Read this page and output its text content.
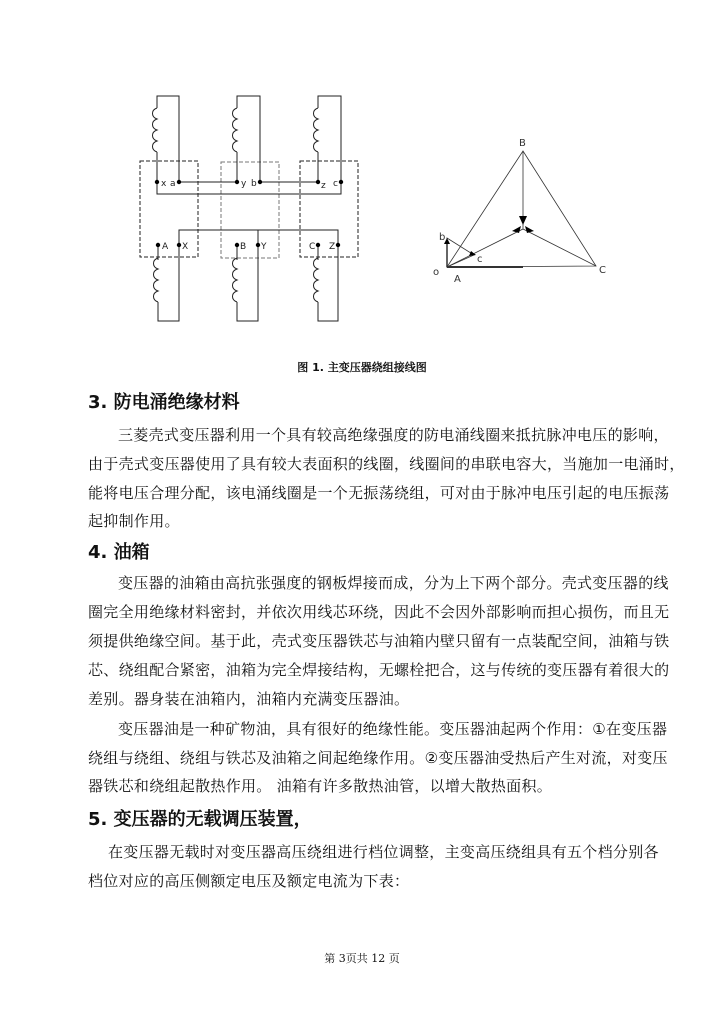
x a	y b	z c
A X	B Y	C Z
B
C
o
A
b
c
图 1. 主变压器绕组接线图
3. 防电涌绝缘材料
三菱壳式变压器利用一个具有较高绝缘强度的防电涌线圈来抵抗脉冲电压的影响，
由于壳式变压器使用了具有较大表面积的线圈，线圈间的串联电容大，当施加一电涌时，
能将电压合理分配，该电涌线圈是一个无振荡绕组，可对由于脉冲电压引起的电压振荡
起抑制作用。
4. 油箱
变压器的油箱由高抗张强度的钢板焊接而成，分为上下两个部分。壳式变压器的线
圈完全用绝缘材料密封，并依次用线芯环绕，因此不会因外部影响而担心损伤，而且无
须提供绝缘空间。基于此，壳式变压器铁芯与油箱内壁只留有一点装配空间，油箱与铁
芯、绕组配合紧密，油箱为完全焊接结构，无螺栓把合，这与传统的变压器有着很大的
差别。器身装在油箱内，油箱内充满变压器油。
变压器油是一种矿物油，具有很好的绝缘性能。变压器油起两个作用：①在变压器
绕组与绕组、绕组与铁芯及油箱之间起绝缘作用。②变压器油受热后产生对流，对变压
器铁芯和绕组起散热作用。 油箱有许多散热油管，以增大散热面积。
5. 变压器的无载调压装置，
在变压器无载时对变压器高压绕组进行档位调整，主变高压绕组具有五个档分别各
档位对应的高压侧额定电压及额定电流为下表：
第 3页共 12 页
